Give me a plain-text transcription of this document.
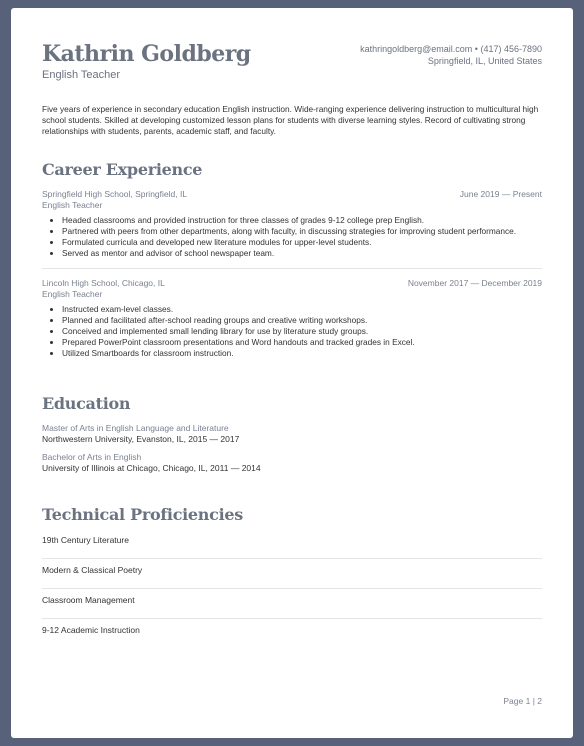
Kathrin Goldberg
English Teacher
kathringoldberg@email.com • (417) 456-7890
Springfield, IL, United States
Five years of experience in secondary education English instruction. Wide-ranging experience delivering instruction to multicultural high school students. Skilled at developing customized lesson plans for students with diverse learning styles. Record of cultivating strong relationships with students, parents, academic staff, and faculty.
Career Experience
Springfield High School, Springfield, IL	June 2019 — Present
English Teacher
• Headed classrooms and provided instruction for three classes of grades 9-12 college prep English.
• Partnered with peers from other departments, along with faculty, in discussing strategies for improving student performance.
• Formulated curricula and developed new literature modules for upper-level students.
• Served as mentor and advisor of school newspaper team.
Lincoln High School, Chicago, IL	November 2017 — December 2019
English Teacher
• Instructed exam-level classes.
• Planned and facilitated after-school reading groups and creative writing workshops.
• Conceived and implemented small lending library for use by literature study groups.
• Prepared PowerPoint classroom presentations and Word handouts and tracked grades in Excel.
• Utilized Smartboards for classroom instruction.
Education
Master of Arts in English Language and Literature
Northwestern University, Evanston, IL, 2015 — 2017
Bachelor of Arts in English
University of Illinois at Chicago, Chicago, IL, 2011 — 2014
Technical Proficiencies
19th Century Literature
Modern & Classical Poetry
Classroom Management
9-12 Academic Instruction
Page 1 | 2
